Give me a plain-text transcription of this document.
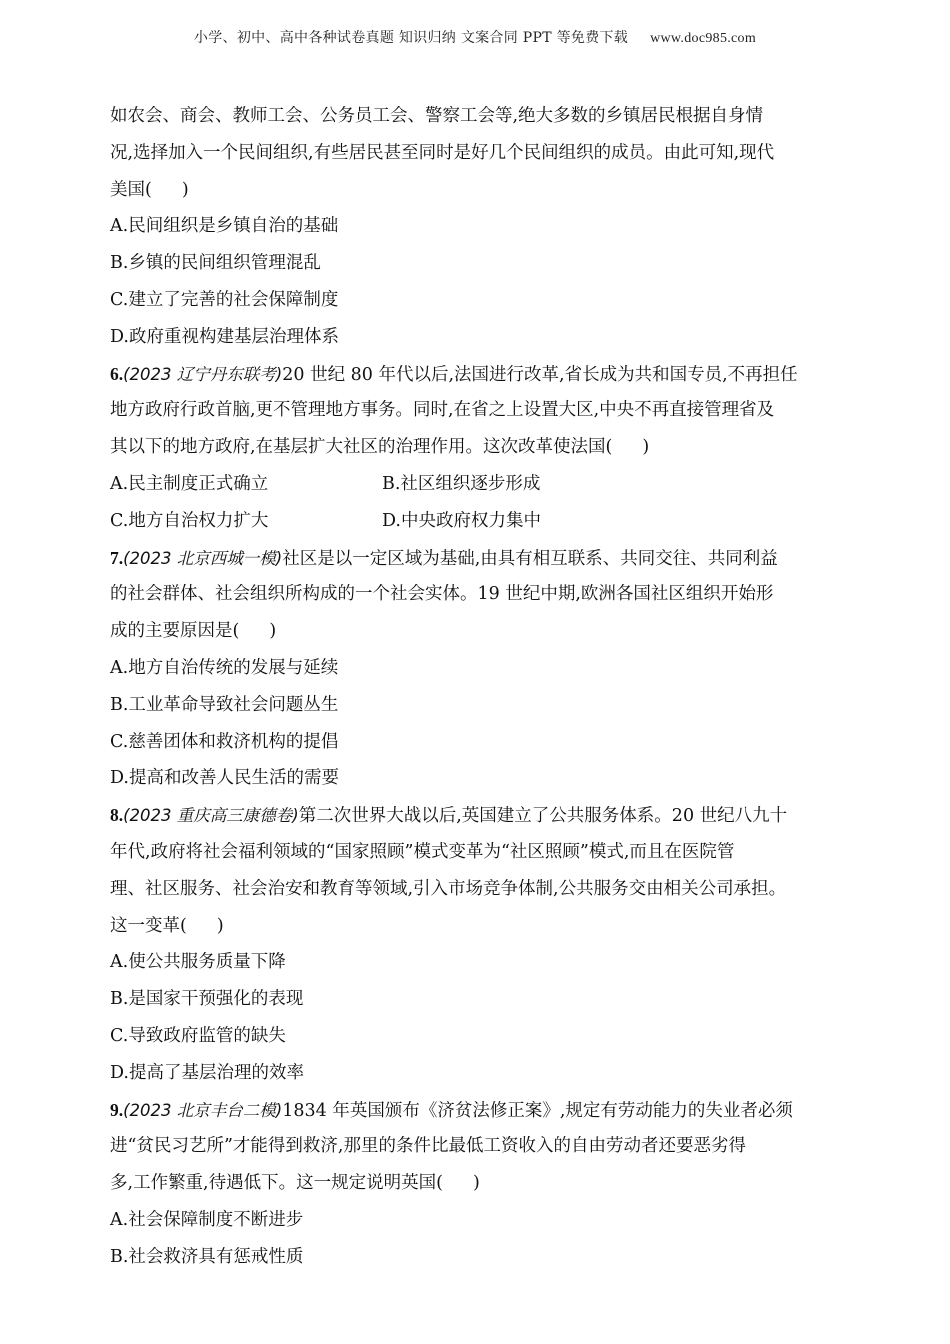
小学、初中、高中各种试卷真题 知识归纳 文案合同 PPT 等免费下载 www.doc985.com
如农会、商会、教师工会、公务员工会、警察工会等,绝大多数的乡镇居民根据自身情
况,选择加入一个民间组织,有些居民甚至同时是好几个民间组织的成员。由此可知,现代
美国( )
A.民间组织是乡镇自治的基础
B.乡镇的民间组织管理混乱
C.建立了完善的社会保障制度
D.政府重视构建基层治理体系
6.(2023 辽宁丹东联考)20 世纪 80 年代以后,法国进行改革,省长成为共和国专员,不再担任
地方政府行政首脑,更不管理地方事务。同时,在省之上设置大区,中央不再直接管理省及
其以下的地方政府,在基层扩大社区的治理作用。这次改革使法国( )
A.民主制度正式确立	B.社区组织逐步形成
C.地方自治权力扩大	D.中央政府权力集中
7.(2023 北京西城一模)社区是以一定区域为基础,由具有相互联系、共同交往、共同利益
的社会群体、社会组织所构成的一个社会实体。19 世纪中期,欧洲各国社区组织开始形
成的主要原因是( )
A.地方自治传统的发展与延续
B.工业革命导致社会问题丛生
C.慈善团体和救济机构的提倡
D.提高和改善人民生活的需要
8.(2023 重庆高三康德卷)第二次世界大战以后,英国建立了公共服务体系。20 世纪八九十
年代,政府将社会福利领域的“国家照顾”模式变革为“社区照顾”模式,而且在医院管
理、社区服务、社会治安和教育等领域,引入市场竞争体制,公共服务交由相关公司承担。
这一变革( )
A.使公共服务质量下降
B.是国家干预强化的表现
C.导致政府监管的缺失
D.提高了基层治理的效率
9.(2023 北京丰台二模)1834 年英国颁布《济贫法修正案》,规定有劳动能力的失业者必须
进“贫民习艺所”才能得到救济,那里的条件比最低工资收入的自由劳动者还要恶劣得
多,工作繁重,待遇低下。这一规定说明英国( )
A.社会保障制度不断进步
B.社会救济具有惩戒性质
